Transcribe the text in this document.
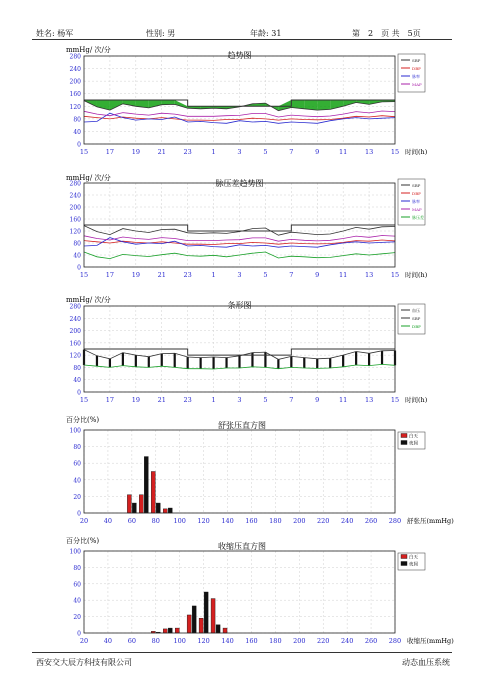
姓名: 杨军	性别: 男	年龄: 31	第　2　页 共　5页
趋势图
mmHg/ 次/分
0
40
80
120
160
200
240
280
15	17	19	21	23	1	3	5	7	9	11	13	15 时间(h)
SBP
DBP
脉率
MAP
脉压差趋势图
mmHg/ 次/分
0
40
80
120
160
200
240
280
15	17	19	21	23	1	3	5	7	9	11	13	15 时间(h)
SBP
DBP
脉率
MAP
脉压差
条形图
mmHg/ 次/分
0
40
80
120
160
200
240
280
15	17	19	21	23	1	3	5	7	9	11	13	15 时间(h)
血压
SBP
DBP
舒张压直方图
百分比(%)
0
20
40
60
80
100
20 40 60 80 100 120 140 160 180 200 220 240 260 280 舒张压(mmHg)
白天
夜间
收缩压直方图
百分比(%)
0
20
40
60
80
100
20 40 60 80 100 120 140 160 180 200 220 240 260 280 收缩压(mmHg)
白天
夜间
西安交大辰方科技有限公司	动态血压系统
